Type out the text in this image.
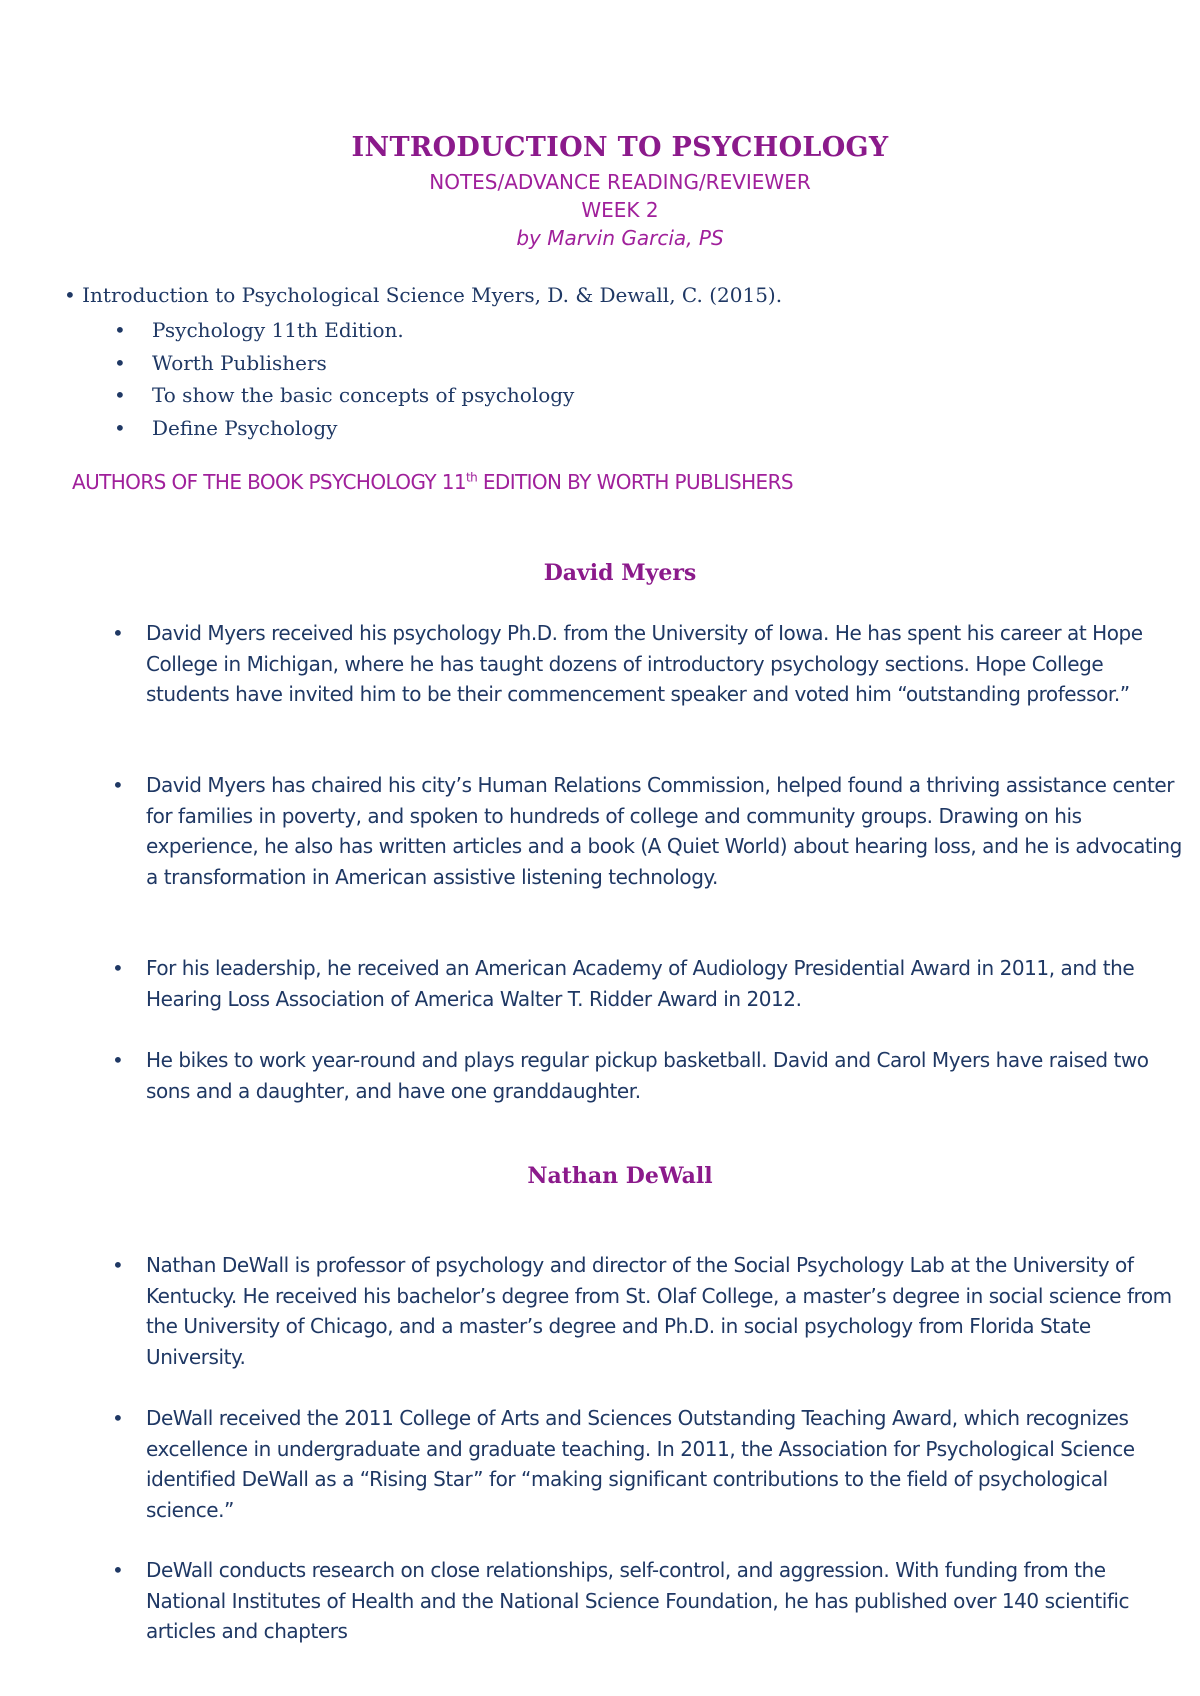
INTRODUCTION TO PSYCHOLOGY
NOTES/ADVANCE READING/REVIEWER
WEEK 2
by Marvin Garcia, PS
• Introduction to Psychological Science Myers, D. & Dewall, C. (2015).
• Psychology 11th Edition.
• Worth Publishers
• To show the basic concepts of psychology
• Define Psychology
AUTHORS OF THE BOOK PSYCHOLOGY 11th EDITION BY WORTH PUBLISHERS
David Myers
• David Myers received his psychology Ph.D. from the University of Iowa. He has spent his career at Hope College in Michigan, where he has taught dozens of introductory psychology sections. Hope College students have invited him to be their commencement speaker and voted him “outstanding professor.”
• David Myers has chaired his city’s Human Relations Commission, helped found a thriving assistance center for families in poverty, and spoken to hundreds of college and community groups. Drawing on his experience, he also has written articles and a book (A Quiet World) about hearing loss, and he is advocating a transformation in American assistive listening technology.
• For his leadership, he received an American Academy of Audiology Presidential Award in 2011, and the Hearing Loss Association of America Walter T. Ridder Award in 2012.
• He bikes to work year-round and plays regular pickup basketball. David and Carol Myers have raised two sons and a daughter, and have one granddaughter.
Nathan DeWall
• Nathan DeWall is professor of psychology and director of the Social Psychology Lab at the University of Kentucky. He received his bachelor’s degree from St. Olaf College, a master’s degree in social science from the University of Chicago, and a master’s degree and Ph.D. in social psychology from Florida State University.
• DeWall received the 2011 College of Arts and Sciences Outstanding Teaching Award, which recognizes excellence in undergraduate and graduate teaching. In 2011, the Association for Psychological Science identified DeWall as a “Rising Star” for “making significant contributions to the field of psychological science.”
• DeWall conducts research on close relationships, self-control, and aggression. With funding from the National Institutes of Health and the National Science Foundation, he has published over 140 scientific articles and chapters
